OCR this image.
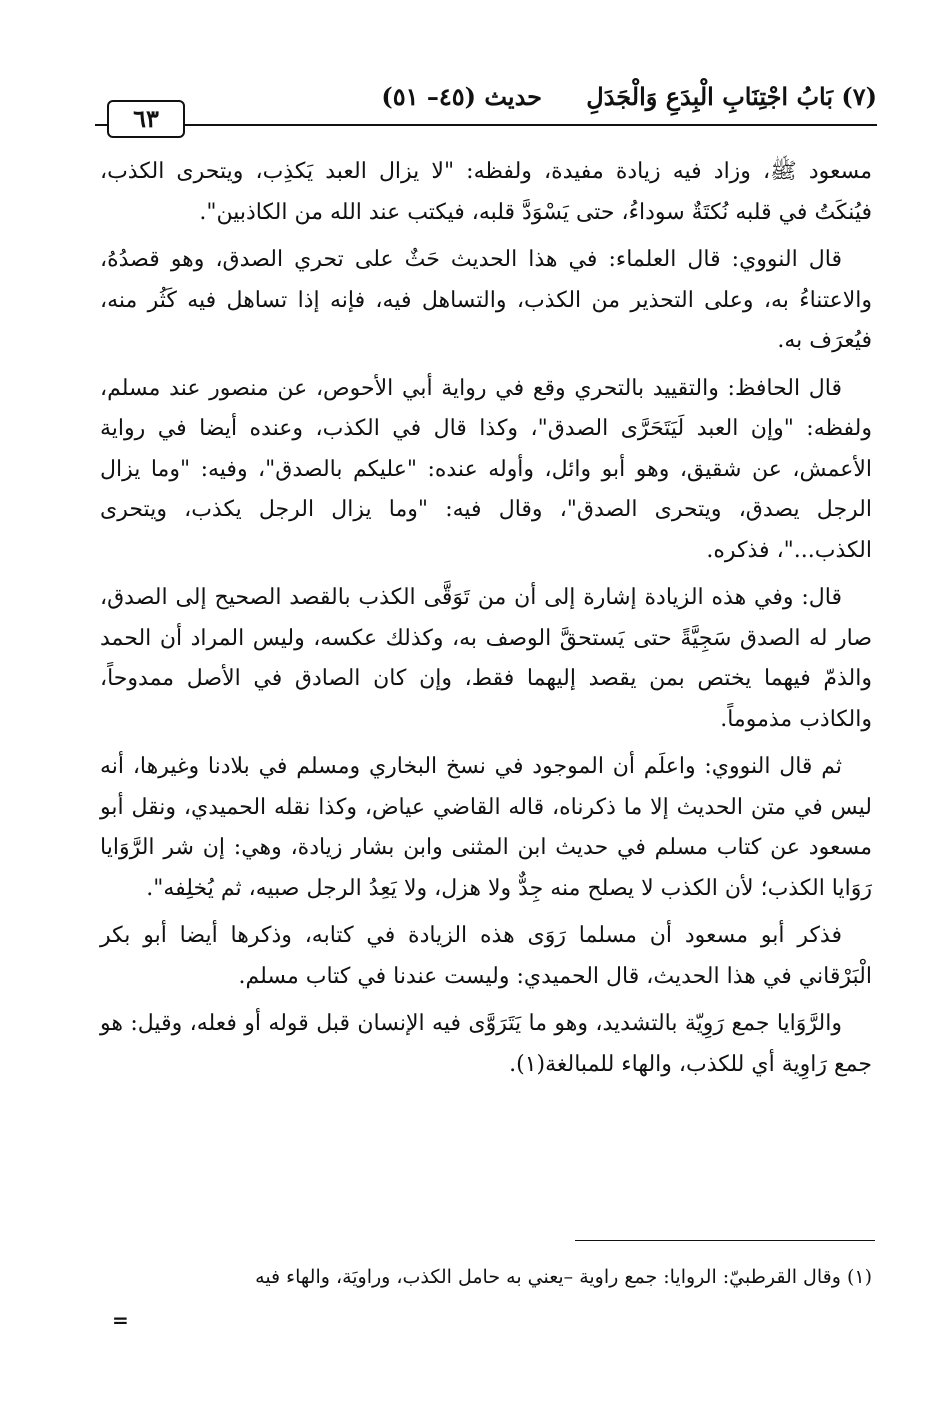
(٧) بَابُ اجْتِنَابِ الْبِدَعِ وَالْجَدَلِ
حديث (٤٥– ٥١)
٦٣

مسعود ﷺ، وزاد فيه زيادة مفيدة، ولفظه: "لا يزال العبد يَكذِب، ويتحرى الكذب، فيُنكَتُ في قلبه نُكتَةٌ سوداءُ، حتى يَسْوَدَّ قلبه، فيكتب عند الله من الكاذبين".

قال النووي: قال العلماء: في هذا الحديث حَثٌ على تحري الصدق، وهو قصدُهُ، والاعتناءُ به، وعلى التحذير من الكذب، والتساهل فيه، فإنه إذا تساهل فيه كَثُر منه، فيُعرَف به.

قال الحافظ: والتقييد بالتحري وقع في رواية أبي الأحوص، عن منصور عند مسلم، ولفظه: "وإن العبد لَيَتَحَرَّى الصدق"، وكذا قال في الكذب، وعنده أيضا في رواية الأعمش، عن شقيق، وهو أبو وائل، وأوله عنده: "عليكم بالصدق"، وفيه: "وما يزال الرجل يصدق، ويتحرى الصدق"، وقال فيه: "وما يزال الرجل يكذب، ويتحرى الكذب..."، فذكره.

قال: وفي هذه الزيادة إشارة إلى أن من تَوَقَّى الكذب بالقصد الصحيح إلى الصدق، صار له الصدق سَجِيَّةً حتى يَستحقَّ الوصف به، وكذلك عكسه، وليس المراد أن الحمد والذمّ فيهما يختص بمن يقصد إليهما فقط، وإن كان الصادق في الأصل ممدوحاً، والكاذب مذموماً.

ثم قال النووي: واعلَم أن الموجود في نسخ البخاري ومسلم في بلادنا وغيرها، أنه ليس في متن الحديث إلا ما ذكرناه، قاله القاضي عياض، وكذا نقله الحميدي، ونقل أبو مسعود عن كتاب مسلم في حديث ابن المثنى وابن بشار زيادة، وهي: إن شر الرَّوَايا رَوَايا الكذب؛ لأن الكذب لا يصلح منه جِدٌّ ولا هزل، ولا يَعِدُ الرجل صبيه، ثم يُخلِفه".

فذكر أبو مسعود أن مسلما رَوَى هذه الزيادة في كتابه، وذكرها أيضا أبو بكر الْبَرْقاني في هذا الحديث، قال الحميدي: وليست عندنا في كتاب مسلم.

والرَّوَايا جمع رَوِيّة بالتشديد، وهو ما يَتَرَوَّى فيه الإنسان قبل قوله أو فعله، وقيل: هو جمع رَاوِية أي للكذب، والهاء للمبالغة(١).

(١) وقال القرطبيّ: الروايا: جمع راوية –يعني به حامل الكذب، وراويَة، والهاء فيه
=
